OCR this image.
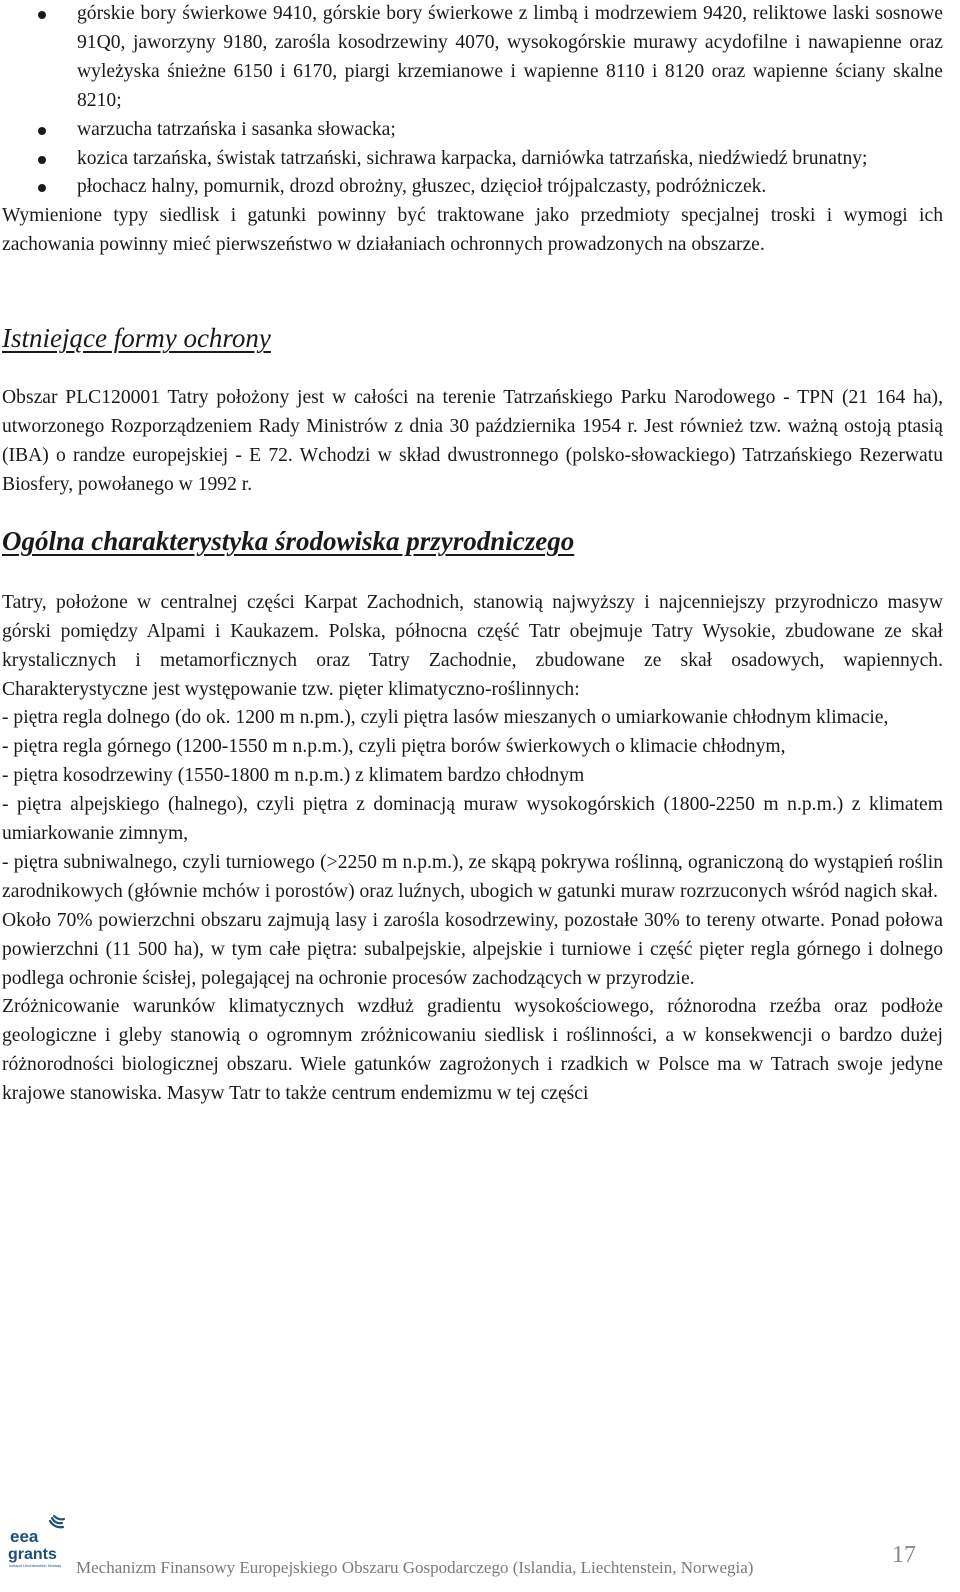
górskie bory świerkowe 9410, górskie bory świerkowe z limbą i modrzewiem 9420, reliktowe laski sosnowe 91Q0, jaworzyny 9180, zarośla kosodrzewiny 4070, wysokogórskie murawy acydofilne i nawapienne oraz wyleżyska śnieżne 6150 i 6170, piargi krzemianowe i wapienne 8110 i 8120 oraz wapienne ściany skalne 8210;
warzucha tatrzańska i sasanka słowacka;
kozica tarzańska, świstak tatrzański, sichrawa karpacka, darniówka tatrzańska, niedźwiedź brunatny;
płochacz halny, pomurnik, drozd obrożny, głuszec, dzięcioł trójpalczasty, podróżniczek.

Wymienione typy siedlisk i gatunki powinny być traktowane jako przedmioty specjalnej troski i wymogi ich zachowania powinny mieć pierwszeństwo w działaniach ochronnych prowadzonych na obszarze.

Istniejące formy ochrony

Obszar PLC120001 Tatry położony jest w całości na terenie Tatrzańskiego Parku Narodowego - TPN (21 164 ha), utworzonego Rozporządzeniem Rady Ministrów z dnia 30 października 1954 r. Jest również tzw. ważną ostoją ptasią (IBA) o randze europejskiej - E 72. Wchodzi w skład dwustronnego (polsko-słowackiego) Tatrzańskiego Rezerwatu Biosfery, powołanego w 1992 r.

Ogólna charakterystyka środowiska przyrodniczego

Tatry, położone w centralnej części Karpat Zachodnich, stanowią najwyższy i najcenniejszy przyrodniczo masyw górski pomiędzy Alpami i Kaukazem. Polska, północna część Tatr obejmuje Tatry Wysokie, zbudowane ze skał krystalicznych i metamorficznych oraz Tatry Zachodnie, zbudowane ze skał osadowych, wapiennych. Charakterystyczne jest występowanie tzw. pięter klimatyczno-roślinnych:

- piętra regla dolnego (do ok. 1200 m n.pm.), czyli piętra lasów mieszanych o umiarkowanie chłodnym klimacie,

- piętra regla górnego (1200-1550 m n.p.m.), czyli piętra borów świerkowych o klimacie chłodnym,

- piętra kosodrzewiny (1550-1800 m n.p.m.) z klimatem bardzo chłodnym

- piętra alpejskiego (halnego), czyli piętra z dominacją muraw wysokogórskich (1800-2250 m n.p.m.) z klimatem umiarkowanie zimnym,

- piętra subniwalnego, czyli turniowego (>2250 m n.p.m.), ze skąpą pokrywa roślinną, ograniczoną do wystąpień roślin zarodnikowych (głównie mchów i porostów) oraz luźnych, ubogich w gatunki muraw rozrzuconych wśród nagich skał.

Około 70% powierzchni obszaru zajmują lasy i zarośla kosodrzewiny, pozostałe 30% to tereny otwarte. Ponad połowa powierzchni (11 500 ha), w tym całe piętra: subalpejskie, alpejskie i turniowe i część pięter regla górnego i dolnego podlega ochronie ścisłej, polegającej na ochronie procesów zachodzących w przyrodzie.

Zróżnicowanie warunków klimatycznych wzdłuż gradientu wysokościowego, różnorodna rzeźba oraz podłoże geologiczne i gleby stanowią o ogromnym zróżnicowaniu siedlisk i roślinności, a w konsekwencji o bardzo dużej różnorodności biologicznej obszaru. Wiele gatunków zagrożonych i rzadkich w Polsce ma w Tatrach swoje jedyne krajowe stanowiska. Masyw Tatr to także centrum endemizmu w tej części

eea
grants
Iceland Liechtenstein Norway Mechanizm Finansowy Europejskiego Obszaru Gospodarczego (Islandia, Liechtenstein, Norwegia)	17
